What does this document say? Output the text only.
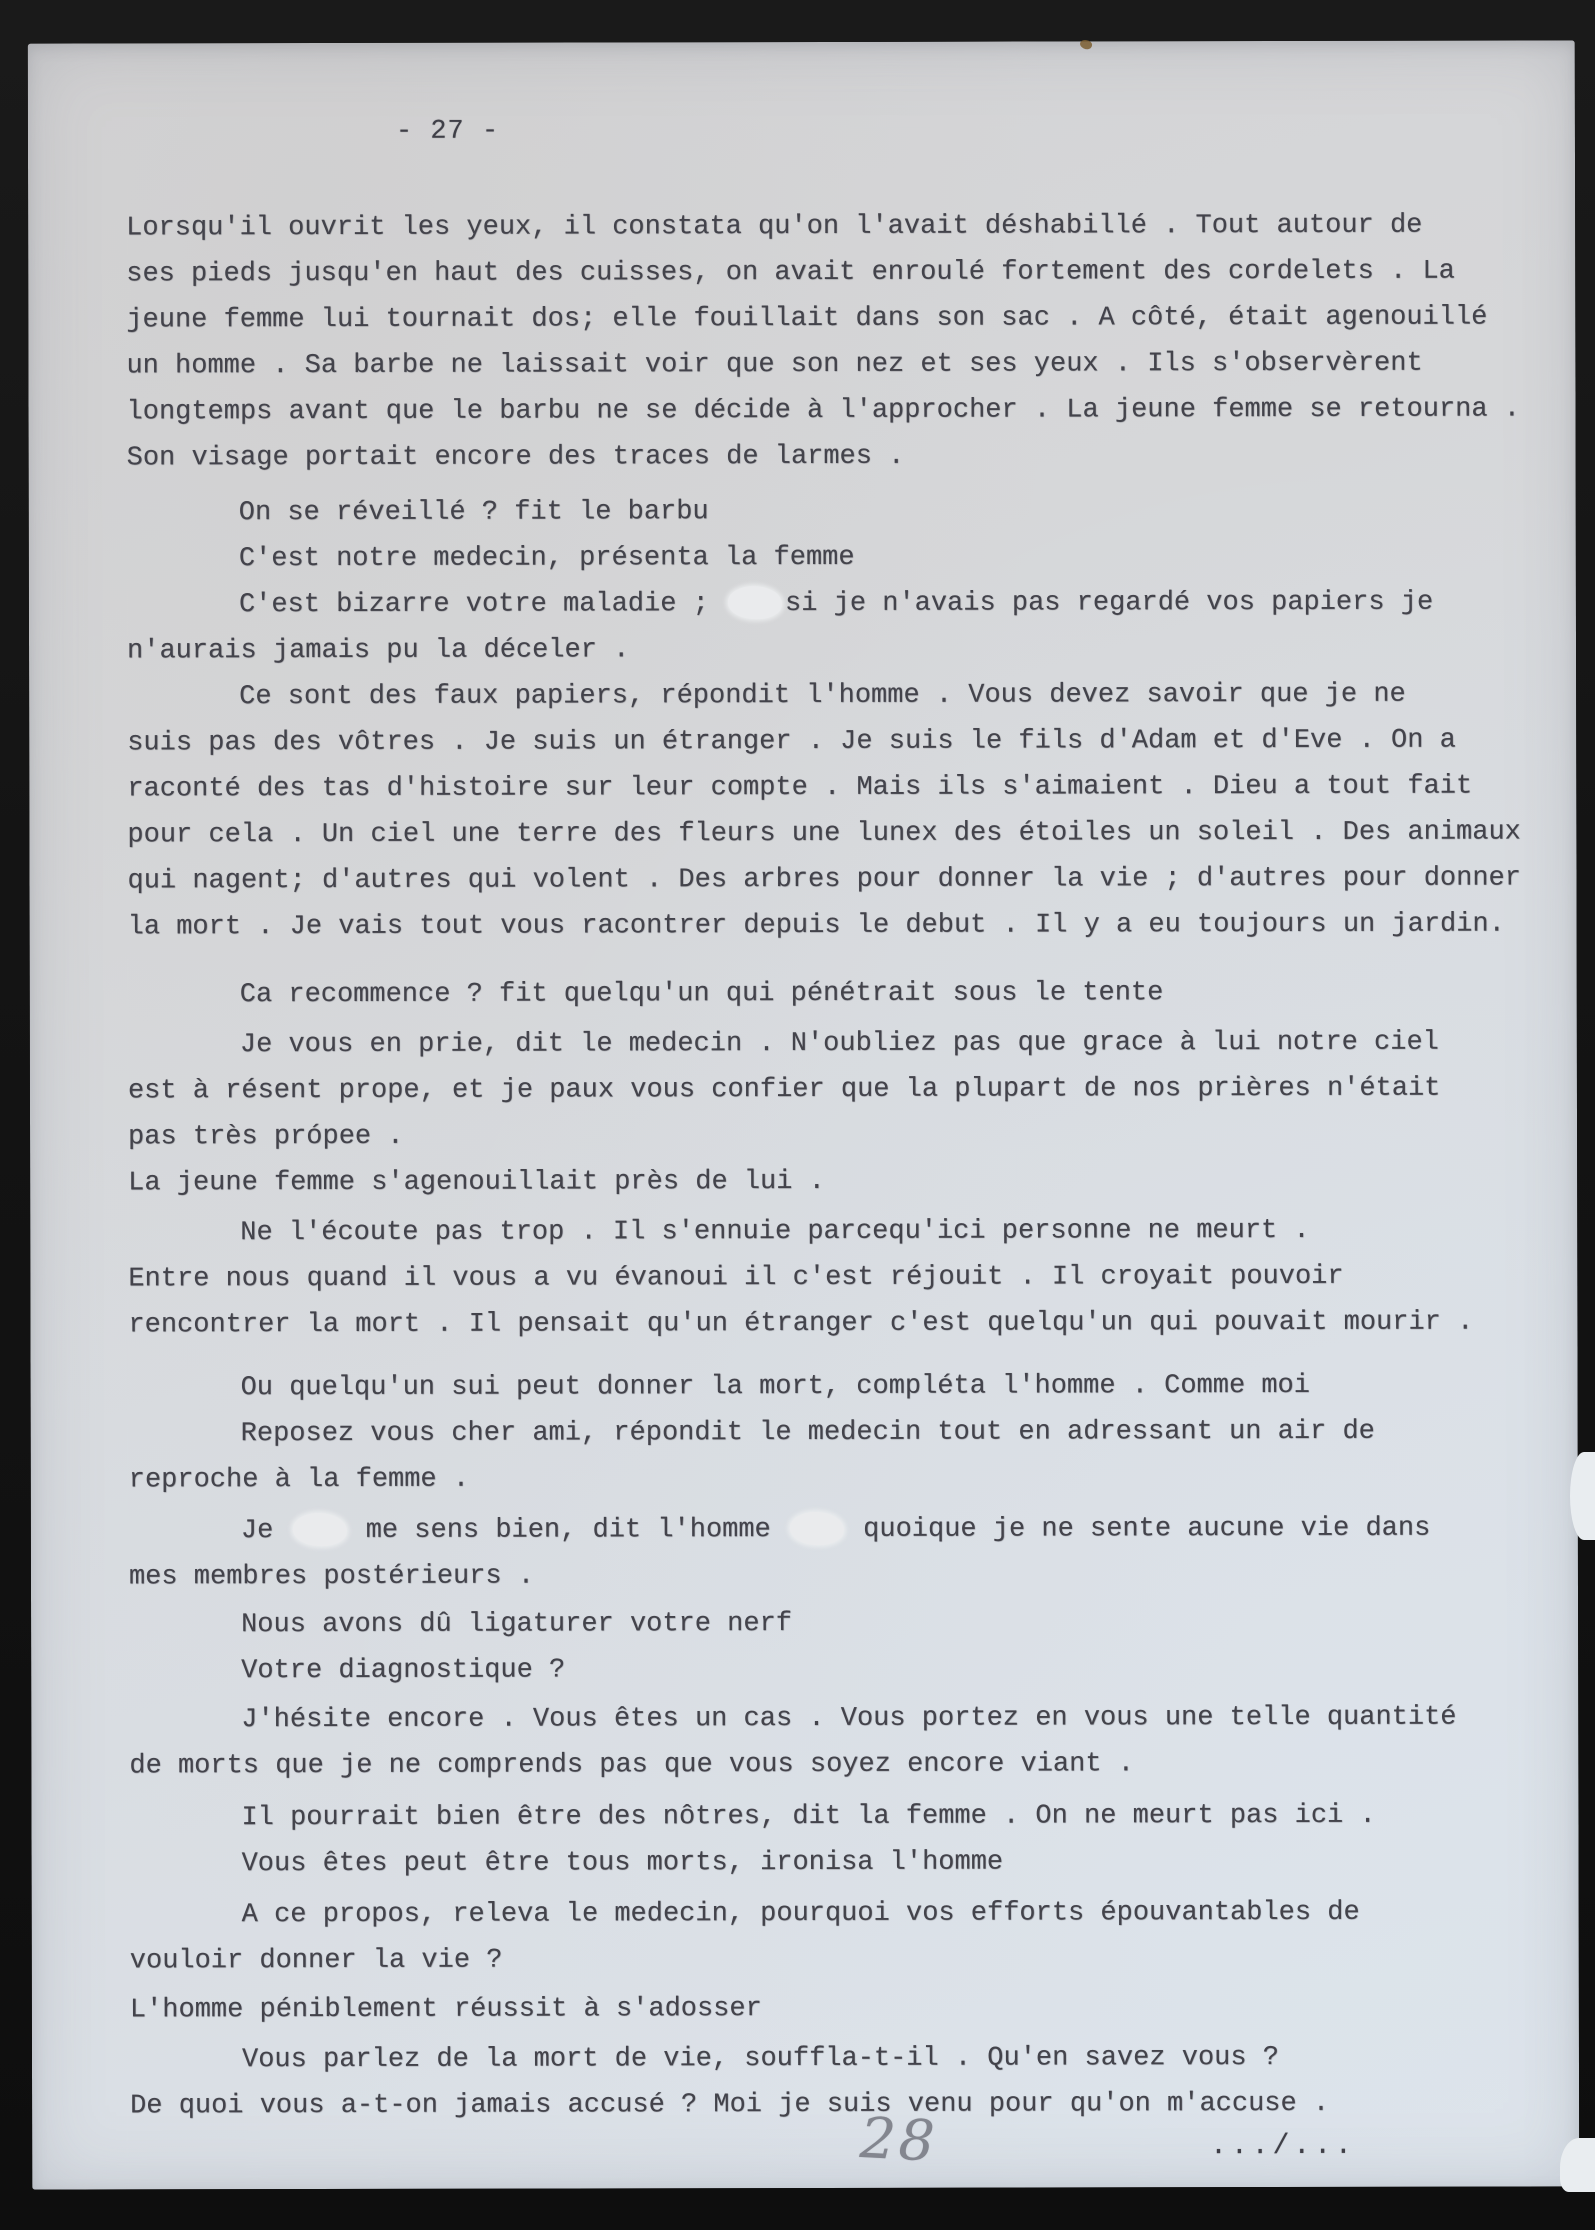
- 27 -
Lorsqu'il ouvrit les yeux, il constata qu'on l'avait déshabillé . Tout autour de
ses pieds jusqu'en haut des cuisses, on avait enroulé fortement des cordelets . La
jeune femme lui tournait dos; elle fouillait dans son sac . A côté, était agenouillé
un homme . Sa barbe ne laissait voir que son nez et ses yeux . Ils s'observèrent
longtemps avant que le barbu ne se décide à l'approcher . La jeune femme se retourna .
Son visage portait encore des traces de larmes .
On se réveillé ? fit le barbu
C'est notre medecin, présenta la femme
C'est bizarre votre maladie ; si je n'avais pas regardé vos papiers je
n'aurais jamais pu la déceler .
Ce sont des faux papiers, répondit l'homme . Vous devez savoir que je ne
suis pas des vôtres . Je suis un étranger . Je suis le fils d'Adam et d'Eve . On a
raconté des tas d'histoire sur leur compte . Mais ils s'aimaient . Dieu a tout fait
pour cela . Un ciel une terre des fleurs une lunex des étoiles un soleil . Des animaux
qui nagent; d'autres qui volent . Des arbres pour donner la vie ; d'autres pour donner
la mort . Je vais tout vous racontrer depuis le debut . Il y a eu toujours un jardin.
Ca recommence ? fit quelqu'un qui pénétrait sous le tente
Je vous en prie, dit le medecin . N'oubliez pas que grace à lui notre ciel
est à résent prope, et je paux vous confier que la plupart de nos prières n'était
pas très própee .
La jeune femme s'agenouillait près de lui .
Ne l'écoute pas trop . Il s'ennuie parcequ'ici personne ne meurt .
Entre nous quand il vous a vu évanoui il c'est réjouit . Il croyait pouvoir
rencontrer la mort . Il pensait qu'un étranger c'est quelqu'un qui pouvait mourir .
Ou quelqu'un sui peut donner la mort, compléta l'homme . Comme moi
Reposez vous cher ami, répondit le medecin tout en adressant un air de
reproche à la femme .
Je  me sens bien, dit l'homme  quoique je ne sente aucune vie dans
mes membres postérieurs .
Nous avons dû ligaturer votre nerf
Votre diagnostique ?
J'hésite encore . Vous êtes un cas . Vous portez en vous une telle quantité
de morts que je ne comprends pas que vous soyez encore viant .
Il pourrait bien être des nôtres, dit la femme . On ne meurt pas ici .
Vous êtes peut être tous morts, ironisa l'homme
A ce propos, releva le medecin, pourquoi vos efforts épouvantables de
vouloir donner la vie ?
L'homme péniblement réussit à s'adosser
Vous parlez de la mort de vie, souffla-t-il . Qu'en savez vous ?
De quoi vous a-t-on jamais accusé ? Moi je suis venu pour qu'on m'accuse .
28	.../...
